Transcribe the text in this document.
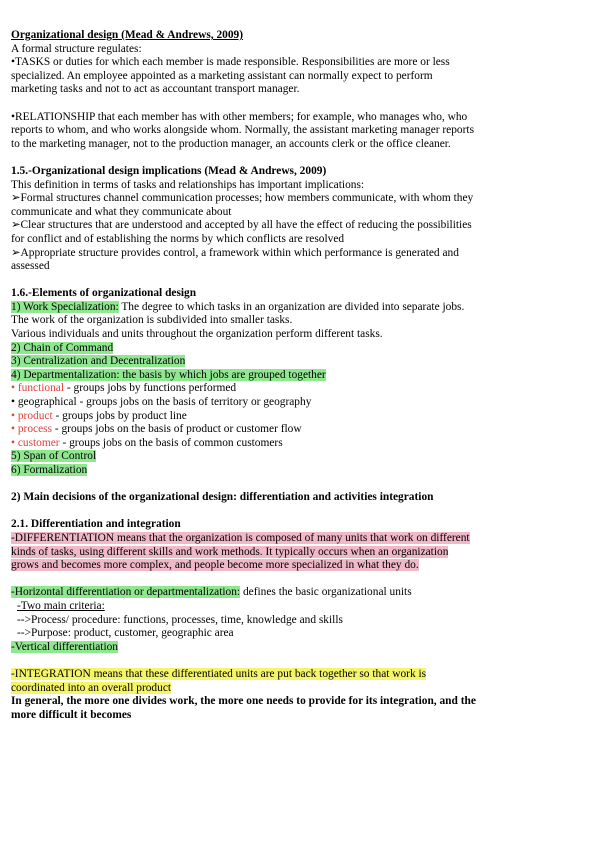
Organizational design (Mead & Andrews, 2009)
A formal structure regulates:
•TASKS or duties for which each member is made responsible. Responsibilities are more or less
specialized. An employee appointed as a marketing assistant can normally expect to perform
marketing tasks and not to act as accountant transport manager.
•RELATIONSHIP that each member has with other members; for example, who manages who, who
reports to whom, and who works alongside whom. Normally, the assistant marketing manager reports
to the marketing manager, not to the production manager, an accounts clerk or the office cleaner.
1.5.-Organizational design implications (Mead & Andrews, 2009)
This definition in terms of tasks and relationships has important implications:
➢Formal structures channel communication processes; how members communicate, with whom they
communicate and what they communicate about
➢Clear structures that are understood and accepted by all have the effect of reducing the possibilities
for conflict and of establishing the norms by which conflicts are resolved
➢Appropriate structure provides control, a framework within which performance is generated and
assessed
1.6.-Elements of organizational design
1) Work Specialization: The degree to which tasks in an organization are divided into separate jobs.
The work of the organization is subdivided into smaller tasks.
Various individuals and units throughout the organization perform different tasks.
2) Chain of Command
3) Centralization and Decentralization
4) Departmentalization: the basis by which jobs are grouped together
• functional - groups jobs by functions performed
• geographical - groups jobs on the basis of territory or geography
• product - groups jobs by product line
• process - groups jobs on the basis of product or customer flow
• customer - groups jobs on the basis of common customers
5) Span of Control
6) Formalization
2) Main decisions of the organizational design: differentiation and activities integration
2.1. Differentiation and integration
-DIFFERENTIATION means that the organization is composed of many units that work on different
kinds of tasks, using different skills and work methods. It typically occurs when an organization
grows and becomes more complex, and people become more specialized in what they do.
-Horizontal differentiation or departmentalization: defines the basic organizational units
-Two main criteria:
-->Process/ procedure: functions, processes, time, knowledge and skills
-->Purpose: product, customer, geographic area
-Vertical differentiation
-INTEGRATION means that these differentiated units are put back together so that work is
coordinated into an overall product
In general, the more one divides work, the more one needs to provide for its integration, and the
more difficult it becomes
